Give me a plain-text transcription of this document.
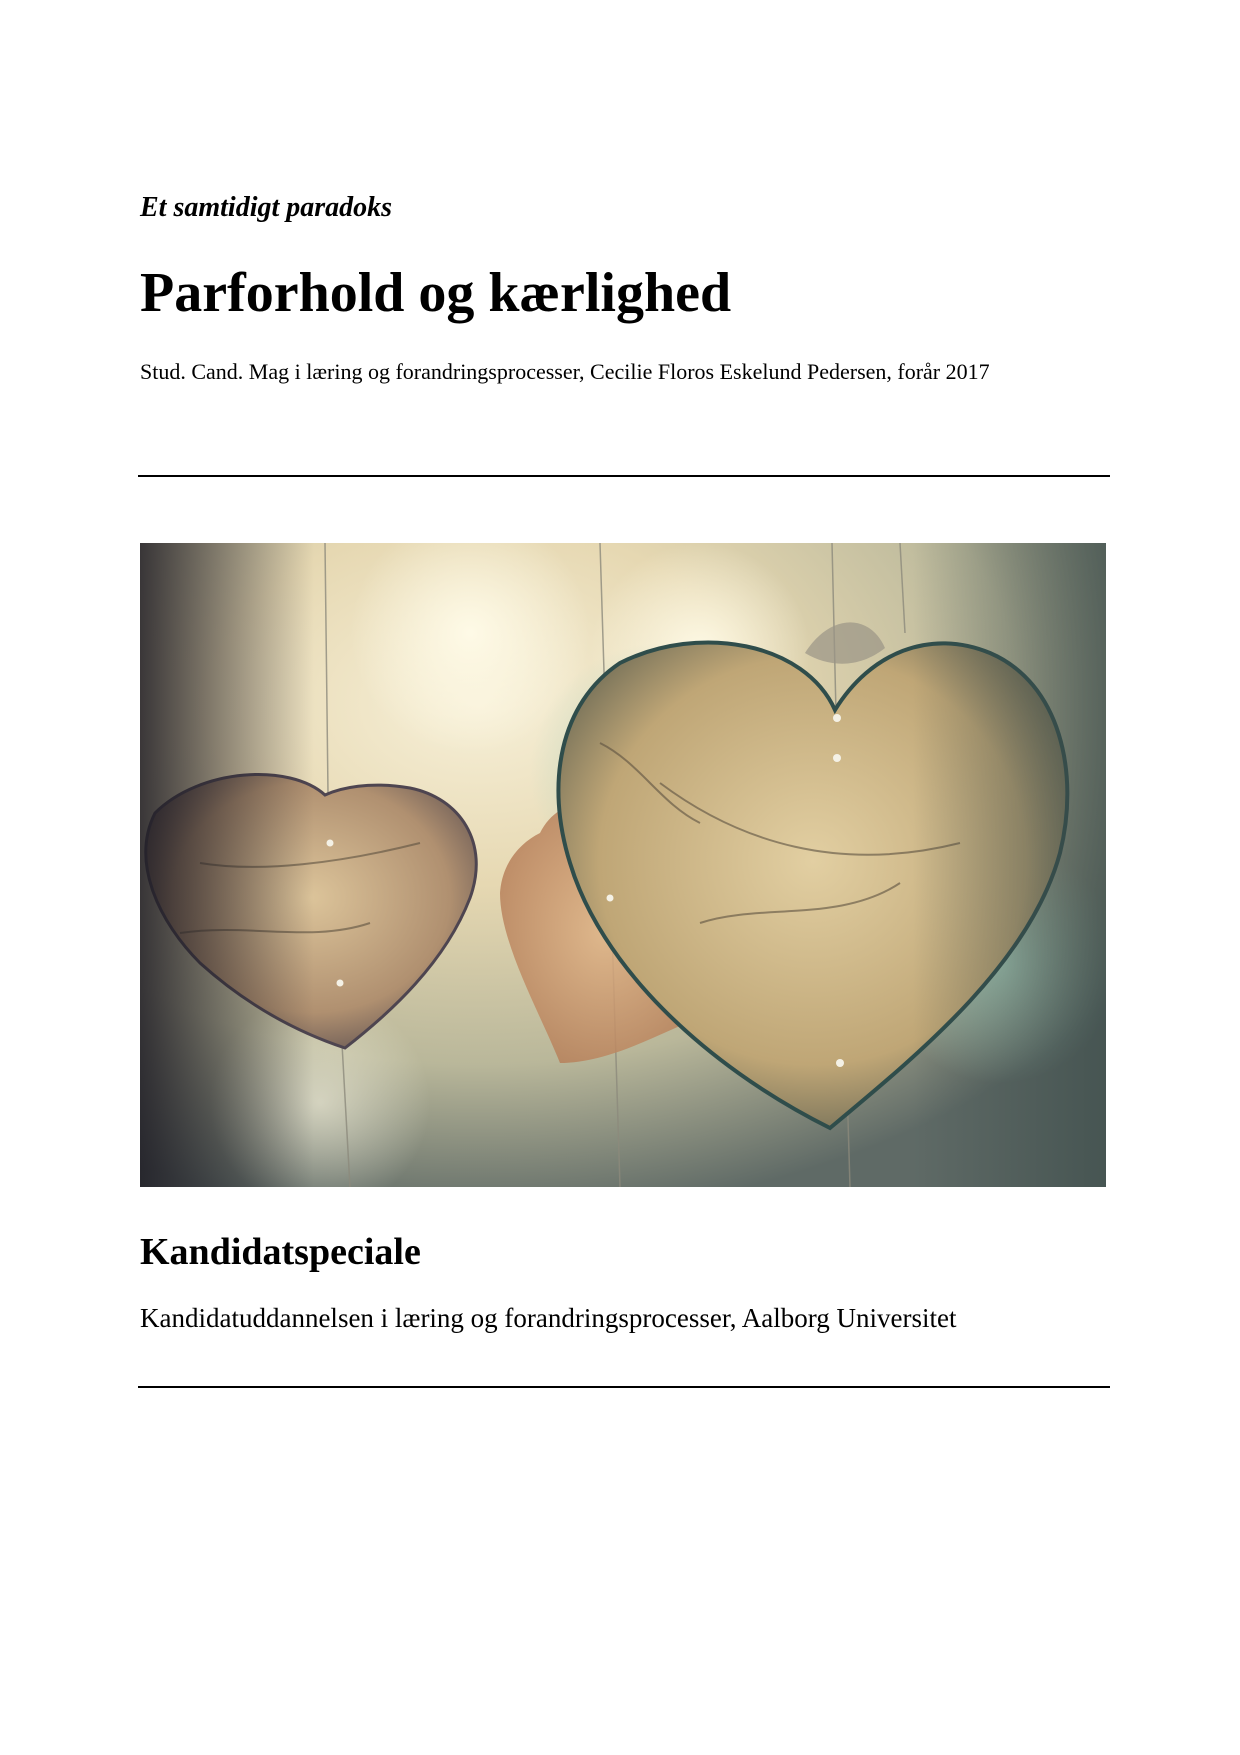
Et samtidigt paradoks
Parforhold og kærlighed
Stud. Cand. Mag i læring og forandringsprocesser, Cecilie Floros Eskelund Pedersen, forår 2017
Kandidatspeciale
Kandidatuddannelsen i læring og forandringsprocesser, Aalborg Universitet
